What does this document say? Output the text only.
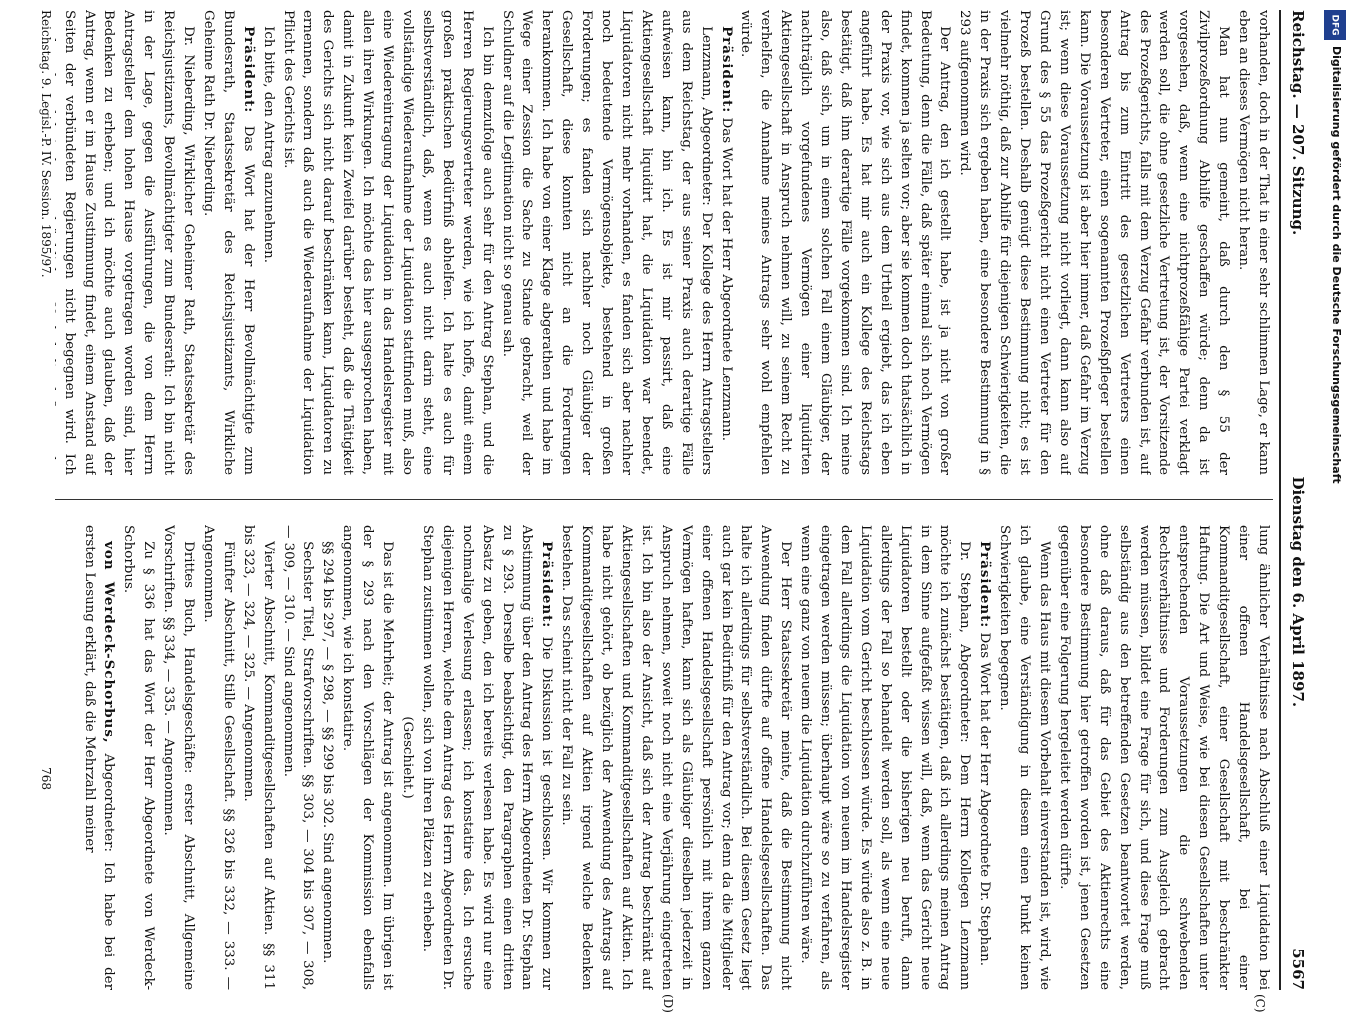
Reichstag. — 207. Sitzung.
Dienstag den 6. April 1897.
5567

vorhanden, doch in der That in einer sehr schlimmen Lage, er kann eben an dieses Vermögen nicht heran.

Man hat nun gemeint, daß durch den § 55 der Zivilprozeßordnung Abhilfe geschaffen würde; denn da ist vorgesehen, daß, wenn eine nichtprozeßfähige Partei verklagt werden soll, die ohne gesetzliche Vertretung ist, der Vorsitzende des Prozeßgerichts, falls mit dem Verzug Gefahr verbunden ist, auf Antrag bis zum Eintritt des gesetzlichen Vertreters einen besonderen Vertreter, einen sogenannten Prozeßpfleger bestellen kann. Die Voraussetzung ist aber hier immer, daß Gefahr im Verzug ist; wenn diese Voraussetzung nicht vorliegt, dann kann also auf Grund des § 55 das Prozeßgericht nicht einen Vertreter für den Prozeß bestellen. Deshalb genügt diese Bestimmung nicht; es ist vielmehr nöthig, daß zur Abhilfe für diejenigen Schwierigkeiten, die in der Praxis sich ergeben haben, eine besondere Bestimmung in § 293 aufgenommen wird.

Der Antrag, den ich gestellt habe, ist ja nicht von großer Bedeutung, denn die Fälle, daß später einmal sich noch Vermögen findet, kommen ja selten vor; aber sie kommen doch thatsächlich in der Praxis vor, wie sich aus dem Urtheil ergiebt, das ich eben angeführt habe. Es hat mir auch ein Kollege des Reichstags bestätigt, daß ihm derartige Fälle vorgekommen sind. Ich meine also, daß sich, um in einem solchen Fall einem Gläubiger, der nachträglich vorgefundenes Vermögen einer liquidirten Aktiengesellschaft in Anspruch nehmen will, zu seinem Recht zu verhelfen, die Annahme meines Antrags sehr wohl empfehlen würde.

Präsident: Das Wort hat der Herr Abgeordnete Lenzmann.

Lenzmann, Abgeordneter: Der Kollege des Herrn Antragstellers aus dem Reichstag, der aus seiner Praxis auch derartige Fälle aufweisen kann, bin ich. Es ist mir passirt, daß eine Aktiengesellschaft liquidirt hat, die Liquidation war beendet, Liquidatoren nicht mehr vorhanden, es fanden sich aber nachher noch bedeutende Vermögensobjekte, bestehend in großen Forderungen; es fanden sich nachher noch Gläubiger der Gesellschaft, diese konnten nicht an die Forderungen herankommen. Ich habe von einer Klage abgerathen und habe im Wege einer Zession die Sache zu Stande gebracht, weil der Schuldner auf die Legitimation nicht so genau sah.

Ich bin demzufolge auch sehr für den Antrag Stephan, und die Herren Regierungsvertreter werden, wie ich hoffe, damit einem großen praktischen Bedürfniß abhelfen. Ich halte es auch für selbstverständlich, daß, wenn es auch nicht darin steht, eine vollständige Wiederaufnahme der Liquidation stattfinden muß, also eine Wiedereintragung der Liquidation in das Handelsregister mit allen ihren Wirkungen. Ich möchte das hier ausgesprochen haben, damit in Zukunft kein Zweifel darüber besteht, daß die Thätigkeit des Gerichts sich nicht darauf beschränken kann, Liquidatoren zu ernennen, sondern daß auch die Wiederaufnahme der Liquidation Pflicht des Gerichts ist.

Ich bitte, den Antrag anzunehmen.

Präsident: Das Wort hat der Herr Bevollmächtigte zum Bundesrath, Staatssekretär des Reichsjustizamts, Wirkliche Geheime Rath Dr. Nieberding.

Dr. Nieberding, Wirklicher Geheimer Rath, Staatssekretär des Reichsjustizamts, Bevollmächtigter zum Bundesrath: Ich bin nicht in der Lage, gegen die Ausführungen, die von dem Herrn Antragsteller dem hohen Hause vorgetragen worden sind, hier Bedenken zu erheben; und ich möchte auch glauben, daß der Antrag, wenn er im Hause Zustimmung findet, einem Anstand auf Seiten der verbündeten Regierungen nicht begegnen wird. Ich

lung ähnlicher Verhältnisse nach Abschluß einer Liquidation bei einer offenen Handelsgesellschaft, bei einer Kommanditgesellschaft, einer Gesellschaft mit beschränkter Haftung. Die Art und Weise, wie bei diesen Gesellschaften unter entsprechenden Voraussetzungen die schwebenden Rechtsverhältnisse und Forderungen zum Ausgleich gebracht werden müssen, bildet eine Frage für sich, und diese Frage muß selbständig aus den betreffenden Gesetzen beantwortet werden, ohne daß daraus, daß für das Gebiet des Aktienrechts eine besondere Bestimmung hier getroffen worden ist, jenen Gesetzen gegenüber eine Folgerung hergeleitet werden dürfte.

Wenn das Haus mit diesem Vorbehalt einverstanden ist, wird, wie ich glaube, eine Verständigung in diesem einen Punkt keinen Schwierigkeiten begegnen.

Präsident: Das Wort hat der Herr Abgeordnete Dr. Stephan.

Dr. Stephan, Abgeordneter: Dem Herrn Kollegen Lenzmann möchte ich zunächst bestätigen, daß ich allerdings meinen Antrag in dem Sinne aufgefaßt wissen will, daß, wenn das Gericht neue Liquidatoren bestellt oder die bisherigen neu beruft, dann allerdings der Fall so behandelt werden soll, als wenn eine neue Liquidation vom Gericht beschlossen würde. Es würde also z. B. in dem Fall allerdings die Liquidation von neuem im Handelsregister eingetragen werden müssen; überhaupt wäre so zu verfahren, als wenn eine ganz von neuem die Liquidation durchzuführen wäre.

Der Herr Staatssekretär meinte, daß die Bestimmung nicht Anwendung finden dürfte auf offene Handelsgesellschaften. Das halte ich allerdings für selbstverständlich. Bei diesem Gesetz liegt auch gar kein Bedürfniß für den Antrag vor; denn da die Mitglieder einer offenen Handelsgesellschaft persönlich mit ihrem ganzen Vermögen haften, kann sich als Gläubiger dieselben jederzeit in Anspruch nehmen, soweit noch nicht eine Verjährung eingetreten ist. Ich bin also der Ansicht, daß sich der Antrag beschränkt auf Aktiengesellschaften und Kommanditgesellschaften auf Aktien. Ich habe nicht gehört, ob bezüglich der Anwendung des Antrags auf Kommanditgesellschaften auf Aktien irgend welche Bedenken bestehen. Das scheint nicht der Fall zu sein.

Präsident: Die Diskussion ist geschlossen. Wir kommen zur Abstimmung über den Antrag des Herrn Abgeordneten Dr. Stephan zu § 293. Derselbe beabsichtigt, den Paragraphen einen dritten Absatz zu geben, den ich bereits verlesen habe. Es wird nur eine nochmalige Verlesung erlassen; ich konstatire das. Ich ersuche diejenigen Herren, welche dem Antrag des Herrn Abgeordneten Dr. Stephan zustimmen wollen, sich von ihren Plätzen zu erheben.

(Geschieht.)

Das ist die Mehrheit; der Antrag ist angenommen. Im übrigen ist der § 293 nach den Vorschlägen der Kommission ebenfalls angenommen, wie ich konstatire.

§§ 294 bis 297, — § 298, — §§ 299 bis 302. Sind angenommen.

Sechster Titel, Strafvorschriften. §§ 303, — 304 bis 307, — 308, — 309, — 310. — Sind angenommen.

Vierter Abschnitt, Kommanditgesellschaften auf Aktien. §§ 311 bis 323, — 324, — 325. — Angenommen.

Fünfter Abschnitt, Stille Gesellschaft. §§ 326 bis 332, — 333. — Angenommen.

Drittes Buch, Handelsgeschäfte: erster Abschnitt, Allgemeine Vorschriften. §§ 334, — 335. — Angenommen.

Zu § 336 hat das Wort der Herr Abgeordnete von Werdeck-Schorbus.

von Werdeck-Schorbus, Abgeordneter: Ich habe bei der ersten Lesung erklärt, daß die Mehrzahl meiner

(C)
(D)
Reichstag. 9. Legisl.-P. IV. Session. 1895/97.
768
DFG
Digitalisierung gefördert durch die Deutsche Forschungsgemeinschaft
